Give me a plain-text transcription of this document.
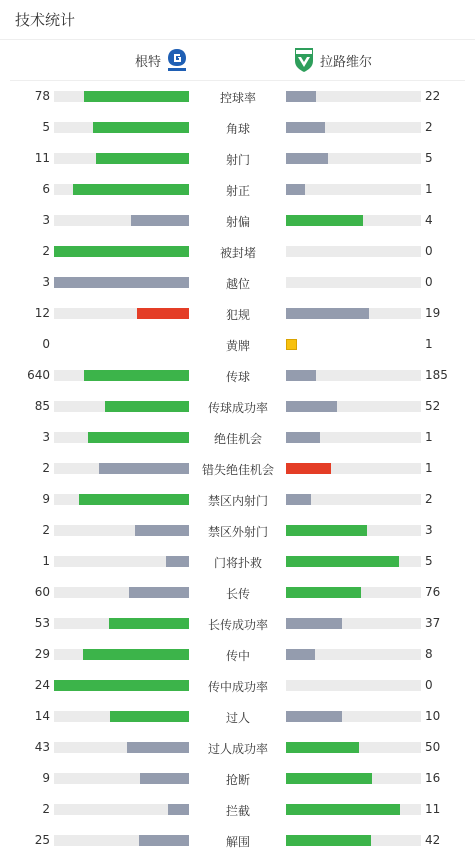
技术统计
根特	拉路维尔
78	控球率	22
5	角球	2
11	射门	5
6	射正	1
3	射偏	4
2	被封堵	0
3	越位	0
12	犯规	19
0	黄牌	1
640	传球	185
85	传球成功率	52
3	绝佳机会	1
2	错失绝佳机会	1
9	禁区内射门	2
2	禁区外射门	3
1	门将扑救	5
60	长传	76
53	长传成功率	37
29	传中	8
24	传中成功率	0
14	过人	10
43	过人成功率	50
9	抢断	16
2	拦截	11
25	解围	42
